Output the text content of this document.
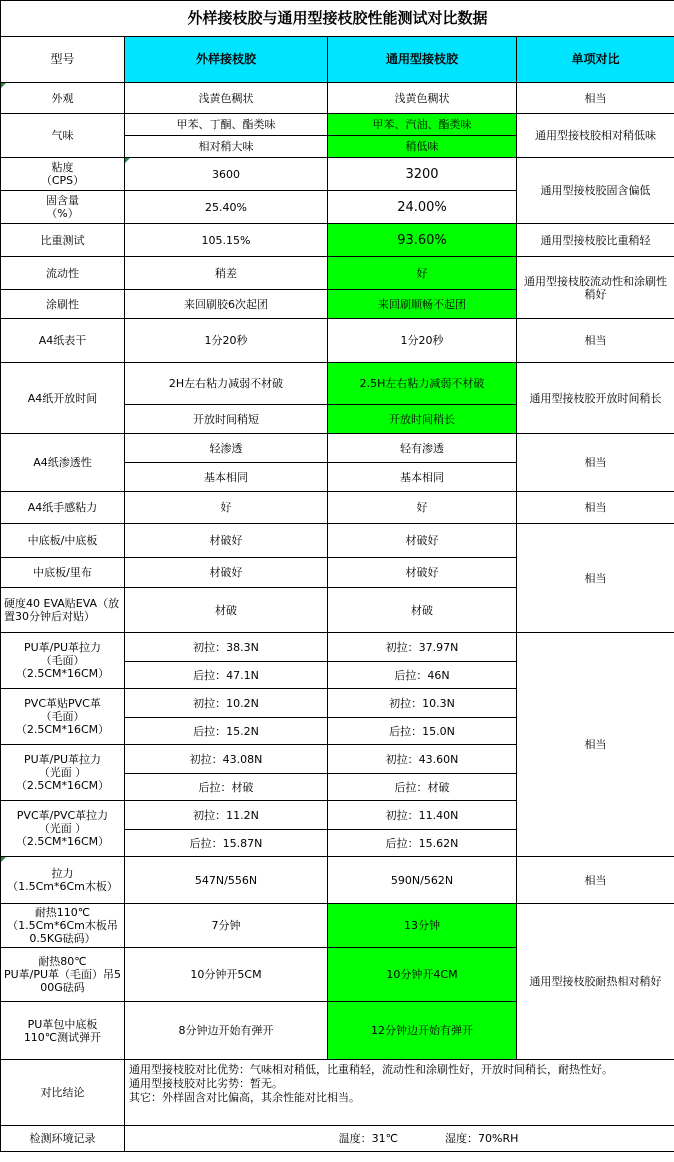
外样接枝胶与通用型接枝胶性能测试对比数据			
型号	外样接枝胶	通用型接枝胶	单项对比
外观	浅黄色稠状	浅黄色稠状	相当
气味	甲苯、丁酮、酯类味	甲苯、汽油、酯类味	通用型接枝胶相对稍低味
	相对稍大味	稍低味	
粘度
（CPS）	3600	3200	通用型接枝胶固含偏低
固含量
（%）	25.40%	24.00%	
比重测试	105.15%	93.60%	通用型接枝胶比重稍轻
流动性	稍差	好	通用型接枝胶流动性和涂刷性稍好
涂刷性	来回刷胶6次起团	来回刷顺畅不起团	
A4纸表干	1分20秒	1分20秒	相当
A4纸开放时间	2H左右粘力减弱不材破	2.5H左右粘力减弱不材破	通用型接枝胶开放时间稍长
	开放时间稍短	开放时间稍长	
A4纸渗透性	轻渗透	轻有渗透	相当
	基本相同	基本相同	
A4纸手感粘力	好	好	相当
中底板/中底板	材破好	材破好	相当
中底板/里布	材破好	材破好	
硬度40 EVA贴EVA（放置30分钟后对贴）	材破	材破	
PU革/PU革拉力
（毛面）
（2.5CM*16CM）	初拉：38.3N	初拉：37.97N	相当
	后拉：47.1N	后拉：46N	
PVC革贴PVC革
（毛面）
（2.5CM*16CM）	初拉：10.2N	初拉：10.3N	
	后拉：15.2N	后拉：15.0N	
PU革/PU革拉力
（光面 ）
（2.5CM*16CM）	初拉：43.08N	初拉：43.60N	
	后拉：材破	后拉：材破	
PVC革/PVC革拉力
（光面 ）
（2.5CM*16CM）	初拉：11.2N	初拉：11.40N	
	后拉：15.87N	后拉：15.62N	
拉力
（1.5Cm*6Cm木板）	547N/556N	590N/562N	相当
耐热110℃
（1.5Cm*6Cm木板吊0.5KG砝码）	7分钟	13分钟	通用型接枝胶耐热相对稍好
耐热80℃
PU革/PU革（毛面）吊500G砝码	10分钟开5CM	10分钟开4CM	
PU革包中底板
110℃测试弹开	8分钟边开始有弹开	12分钟边开始有弹开	
对比结论	通用型接枝胶对比优势：气味相对稍低，比重稍轻，流动性和涂刷性好，开放时间稍长，耐热性好。
通用型接枝胶对比劣势：暂无。
其它：外样固含对比偏高，其余性能对比相当。		

检测环境记录	温度：31℃ 湿度：70%RH		
